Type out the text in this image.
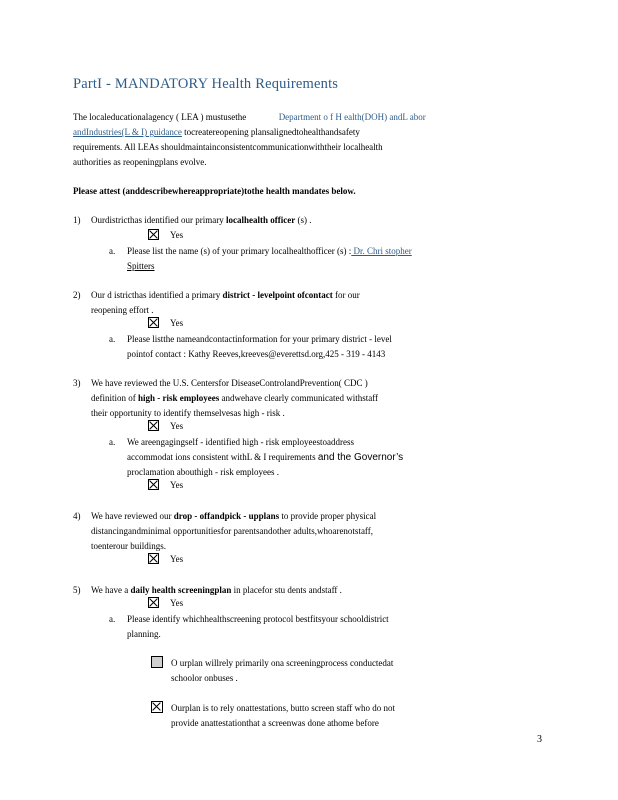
PartI - MANDATORY Health Requirements
The localeducationalagency ( LEA ) mustusethe	Department o f H ealth(DOH) andL abor
andIndustries(L & I) guidance tocreatereopening plansalignedtohealthandsafety
requirements. All LEAs shouldmaintainconsistentcommunicationwiththeir localhealth
authorities as reopeningplans evolve.
Please attest (anddescribewhereappropriate)tothe health mandates below.
1) Ourdistricthas identified our primary localhealth officer (s) .
Yes
a. Please list the name (s) of your primary localhealthofficer (s) : Dr. Chri stopher
Spitters
2) Our d istricthas identified a primary district - levelpoint ofcontact for our
reopening effort .
Yes
a. Please listthe nameandcontactinformation for your primary district - level
pointof contact : Kathy Reeves,kreeves@everettsd.org,425 - 319 - 4143
3) We have reviewed the U.S. Centersfor DiseaseControlandPrevention( CDC )
definition of high - risk employees andwehave clearly communicated withstaff
their opportunity to identify themselvesas high - risk .
Yes
a. We areengagingself - identified high - risk employeestoaddress
accommodat ions consistent withL & I requirements and the Governor’s
proclamation abouthigh - risk employees .
Yes
4) We have reviewed our drop - offandpick - upplans to provide proper physical
distancingandminimal opportunitiesfor parentsandother adults,whoarenotstaff,
toenterour buildings.
Yes
5) We have a daily health screeningplan in placefor stu dents andstaff .
Yes
a. Please identify whichhealthscreening protocol bestfitsyour schooldistrict
planning.
O urplan willrely primarily ona screeningprocess conductedat
schoolor onbuses .
Ourplan is to rely onattestations, butto screen staff who do not
provide anattestationthat a screenwas done athome before
3
